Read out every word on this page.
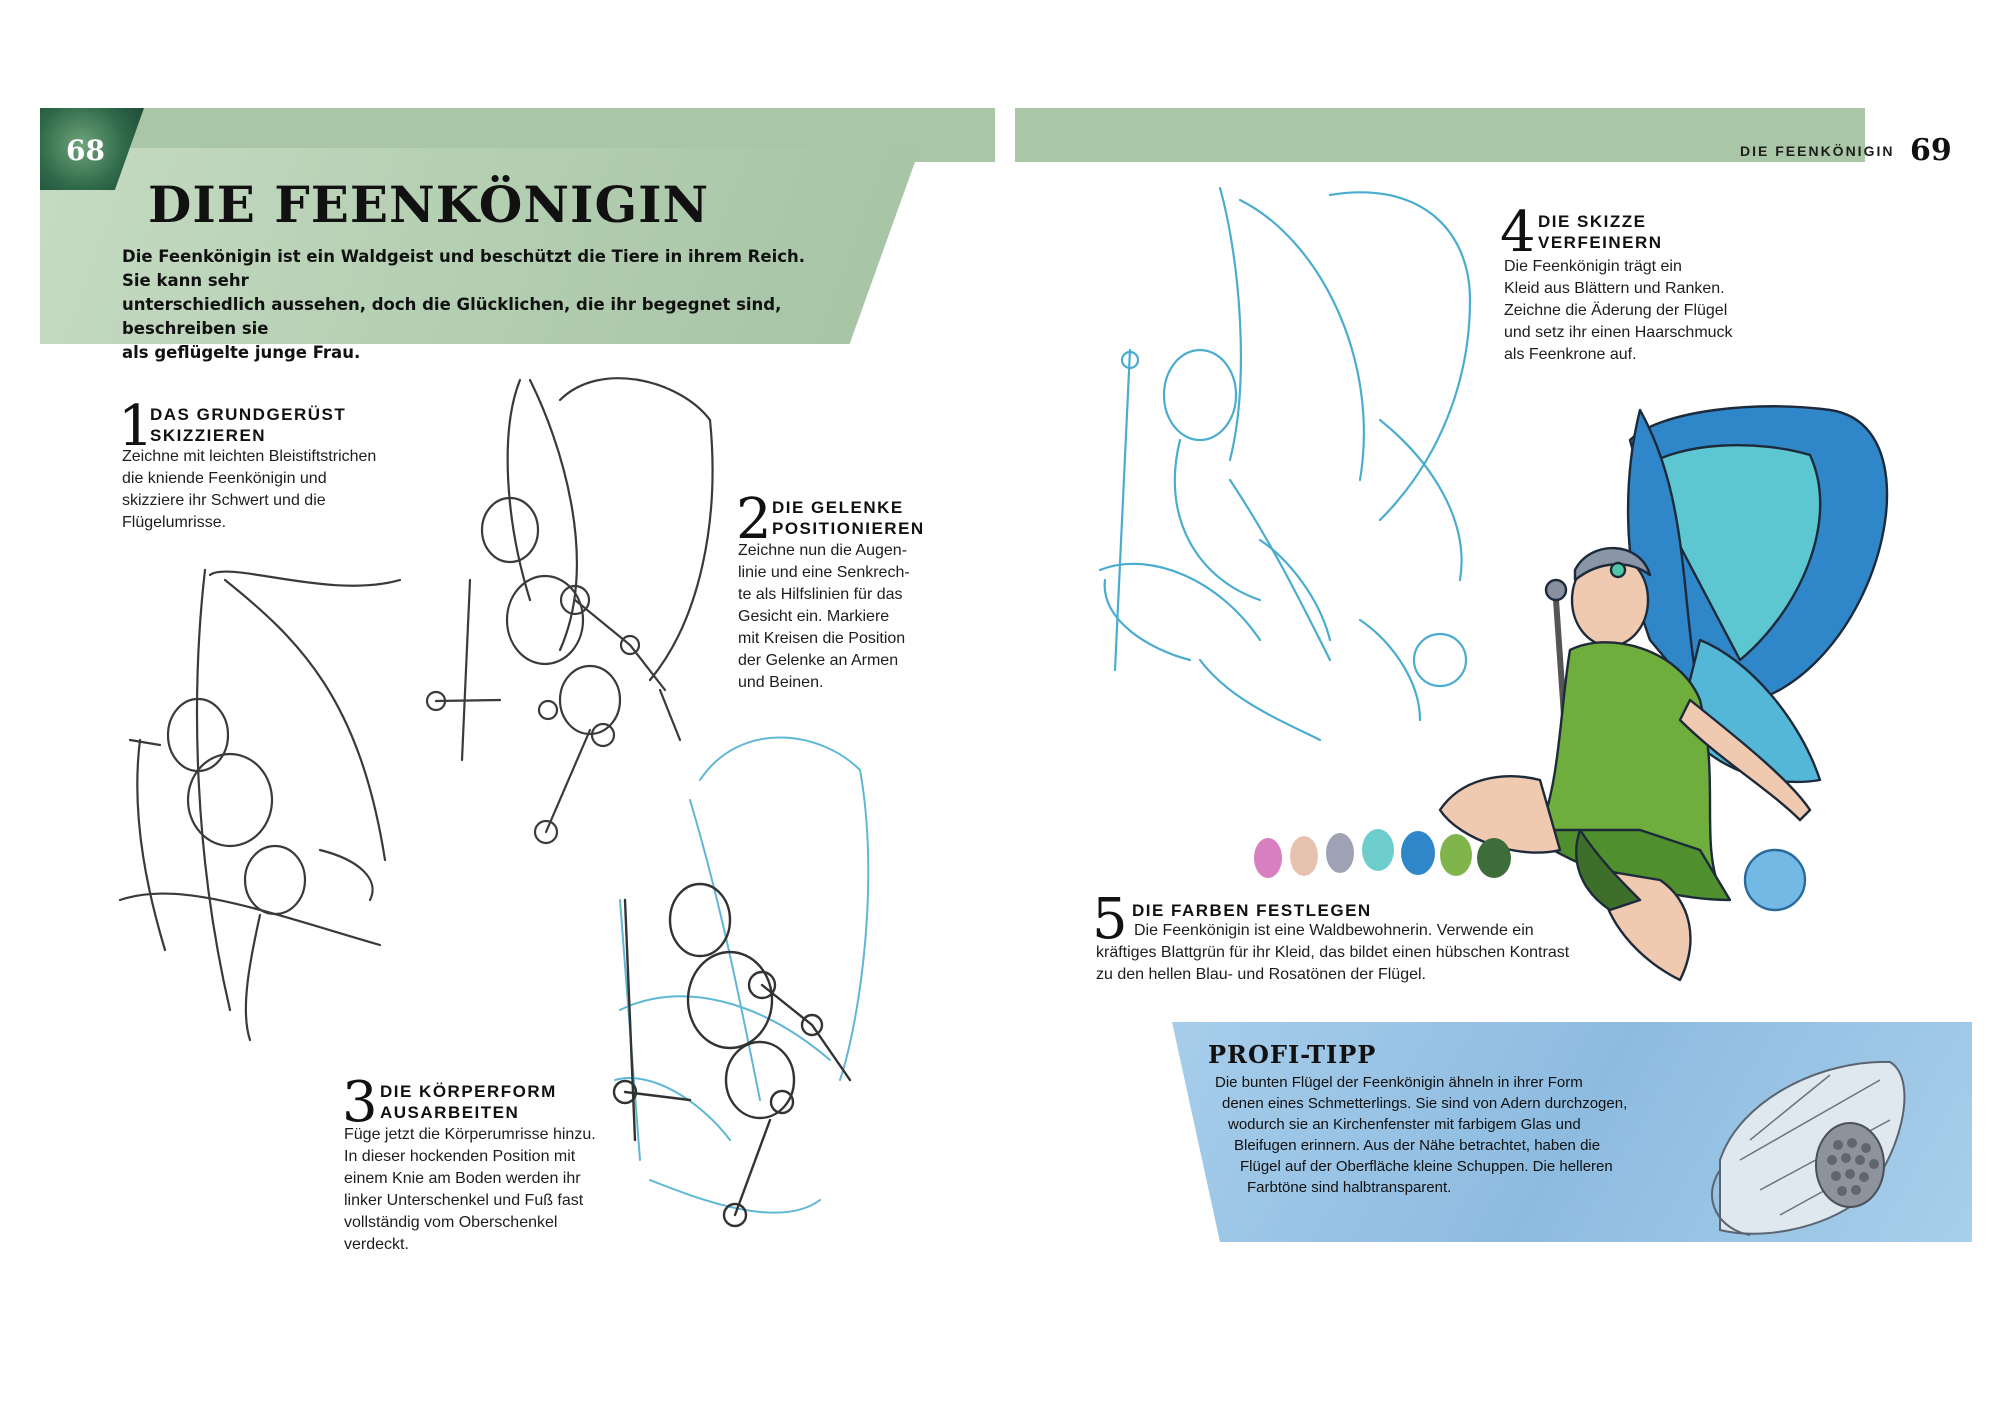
68
DIE FEENKÖNIGIN
Die Feenkönigin ist ein Waldgeist und beschützt die Tiere in ihrem Reich. Sie kann sehr
unterschiedlich aussehen, doch die Glücklichen, die ihr begegnet sind, beschreiben sie
als geflügelte junge Frau.
DIE FEENKÖNIGIN 69
1
DAS GRUNDGERÜST
SKIZZIEREN
Zeichne mit leichten Bleistiftstrichen
die kniende Feenkönigin und
skizziere ihr Schwert und die
Flügelumrisse.	2 DIE GELENKE
POSITIONIEREN
Zeichne nun die Augen-
linie und eine Senkrech-
te als Hilfslinien für das
Gesicht ein. Markiere
mit Kreisen die Position
der Gelenke an Armen
und Beinen.
3 DIE KÖRPERFORM
AUSARBEITEN
Füge jetzt die Körperumrisse hinzu.
In dieser hockenden Position mit
einem Knie am Boden werden ihr
linker Unterschenkel und Fuß fast
vollständig vom Oberschenkel
verdeckt.
4 DIE SKIZZE
VERFEINERN
Die Feenkönigin trägt ein
Kleid aus Blättern und Ranken.
Zeichne die Äderung der Flügel
und setz ihr einen Haarschmuck
als Feenkrone auf.
5 DIE FARBEN FESTLEGEN
Die Feenkönigin ist eine Waldbewohnerin. Verwende ein
kräftiges Blattgrün für ihr Kleid, das bildet einen hübschen Kontrast
zu den hellen Blau- und Rosatönen der Flügel.
PROFI-TIPP
Die bunten Flügel der Feenkönigin ähneln in ihrer Form
denen eines Schmetterlings. Sie sind von Adern durchzogen,
wodurch sie an Kirchenfenster mit farbigem Glas und
Bleifugen erinnern. Aus der Nähe betrachtet, haben die
Flügel auf der Oberfläche kleine Schuppen. Die helleren
Farbtöne sind halbtransparent.
